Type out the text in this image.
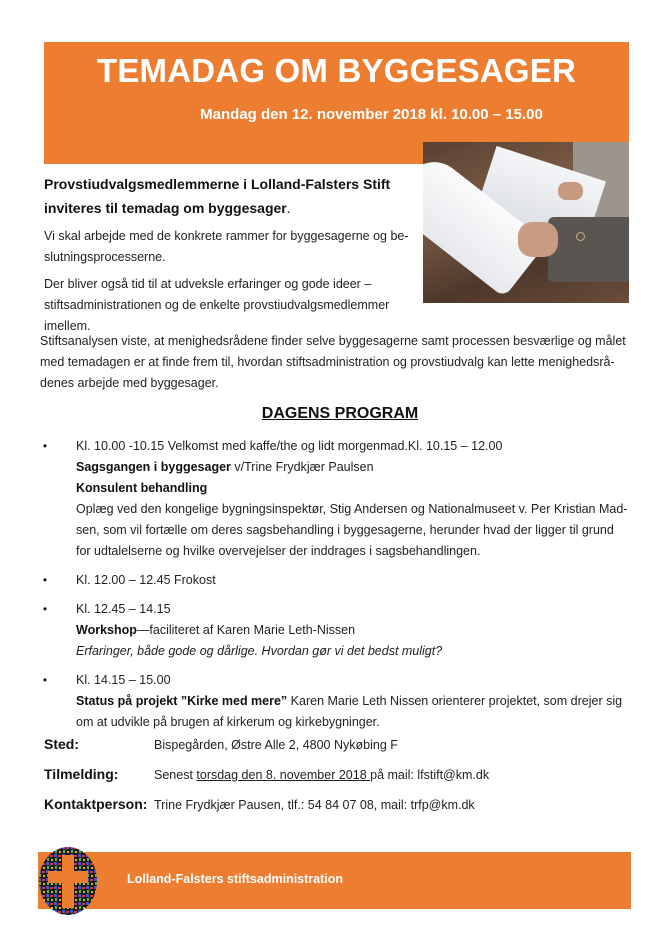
TEMADAG OM BYGGESAGER
Mandag den 12. november 2018 kl. 10.00 – 15.00
Provstiudvalgsmedlemmerne i Lolland-Falsters Stift
inviteres til temadag om byggesager.
Vi skal arbejde med de konkrete rammer for byggesagerne og be-
slutningsprocesserne.
Der bliver også tid til at udveksle erfaringer og gode ideer –
stiftsadministrationen og de enkelte provstiudvalgsmedlemmer
imellem.
Stiftsanalysen viste, at menighedsrådene finder selve byggesagerne samt processen besværlige og målet
med temadagen er at finde frem til, hvordan stiftsadministration og provstiudvalg kan lette menighedsrå-
denes arbejde med byggesager.
DAGENS PROGRAM
• Kl. 10.00 -10.15 Velkomst med kaffe/the og lidt morgenmad.Kl. 10.15 – 12.00
Sagsgangen i byggesager v/Trine Frydkjær Paulsen
Konsulent behandling
Oplæg ved den kongelige bygningsinspektør, Stig Andersen og Nationalmuseet v. Per Kristian Mad-
sen, som vil fortælle om deres sagsbehandling i byggesagerne, herunder hvad der ligger til grund
for udtalelserne og hvilke overvejelser der inddrages i sagsbehandlingen.
• Kl. 12.00 – 12.45 Frokost
• Kl. 12.45 – 14.15
Workshop—faciliteret af Karen Marie Leth-Nissen
Erfaringer, både gode og dårlige. Hvordan gør vi det bedst muligt?
• Kl. 14.15 – 15.00
Status på projekt ”Kirke med mere” Karen Marie Leth Nissen orienterer projektet, som drejer sig
om at udvikle på brugen af kirkerum og kirkebygninger.
Sted:	Bispegården, Østre Alle 2, 4800 Nykøbing F
Tilmelding:	Senest torsdag den 8. november 2018 på mail: lfstift@km.dk
Kontaktperson: Trine Frydkjær Pausen, tlf.: 54 84 07 08, mail: trfp@km.dk
Lolland-Falsters stiftsadministration
